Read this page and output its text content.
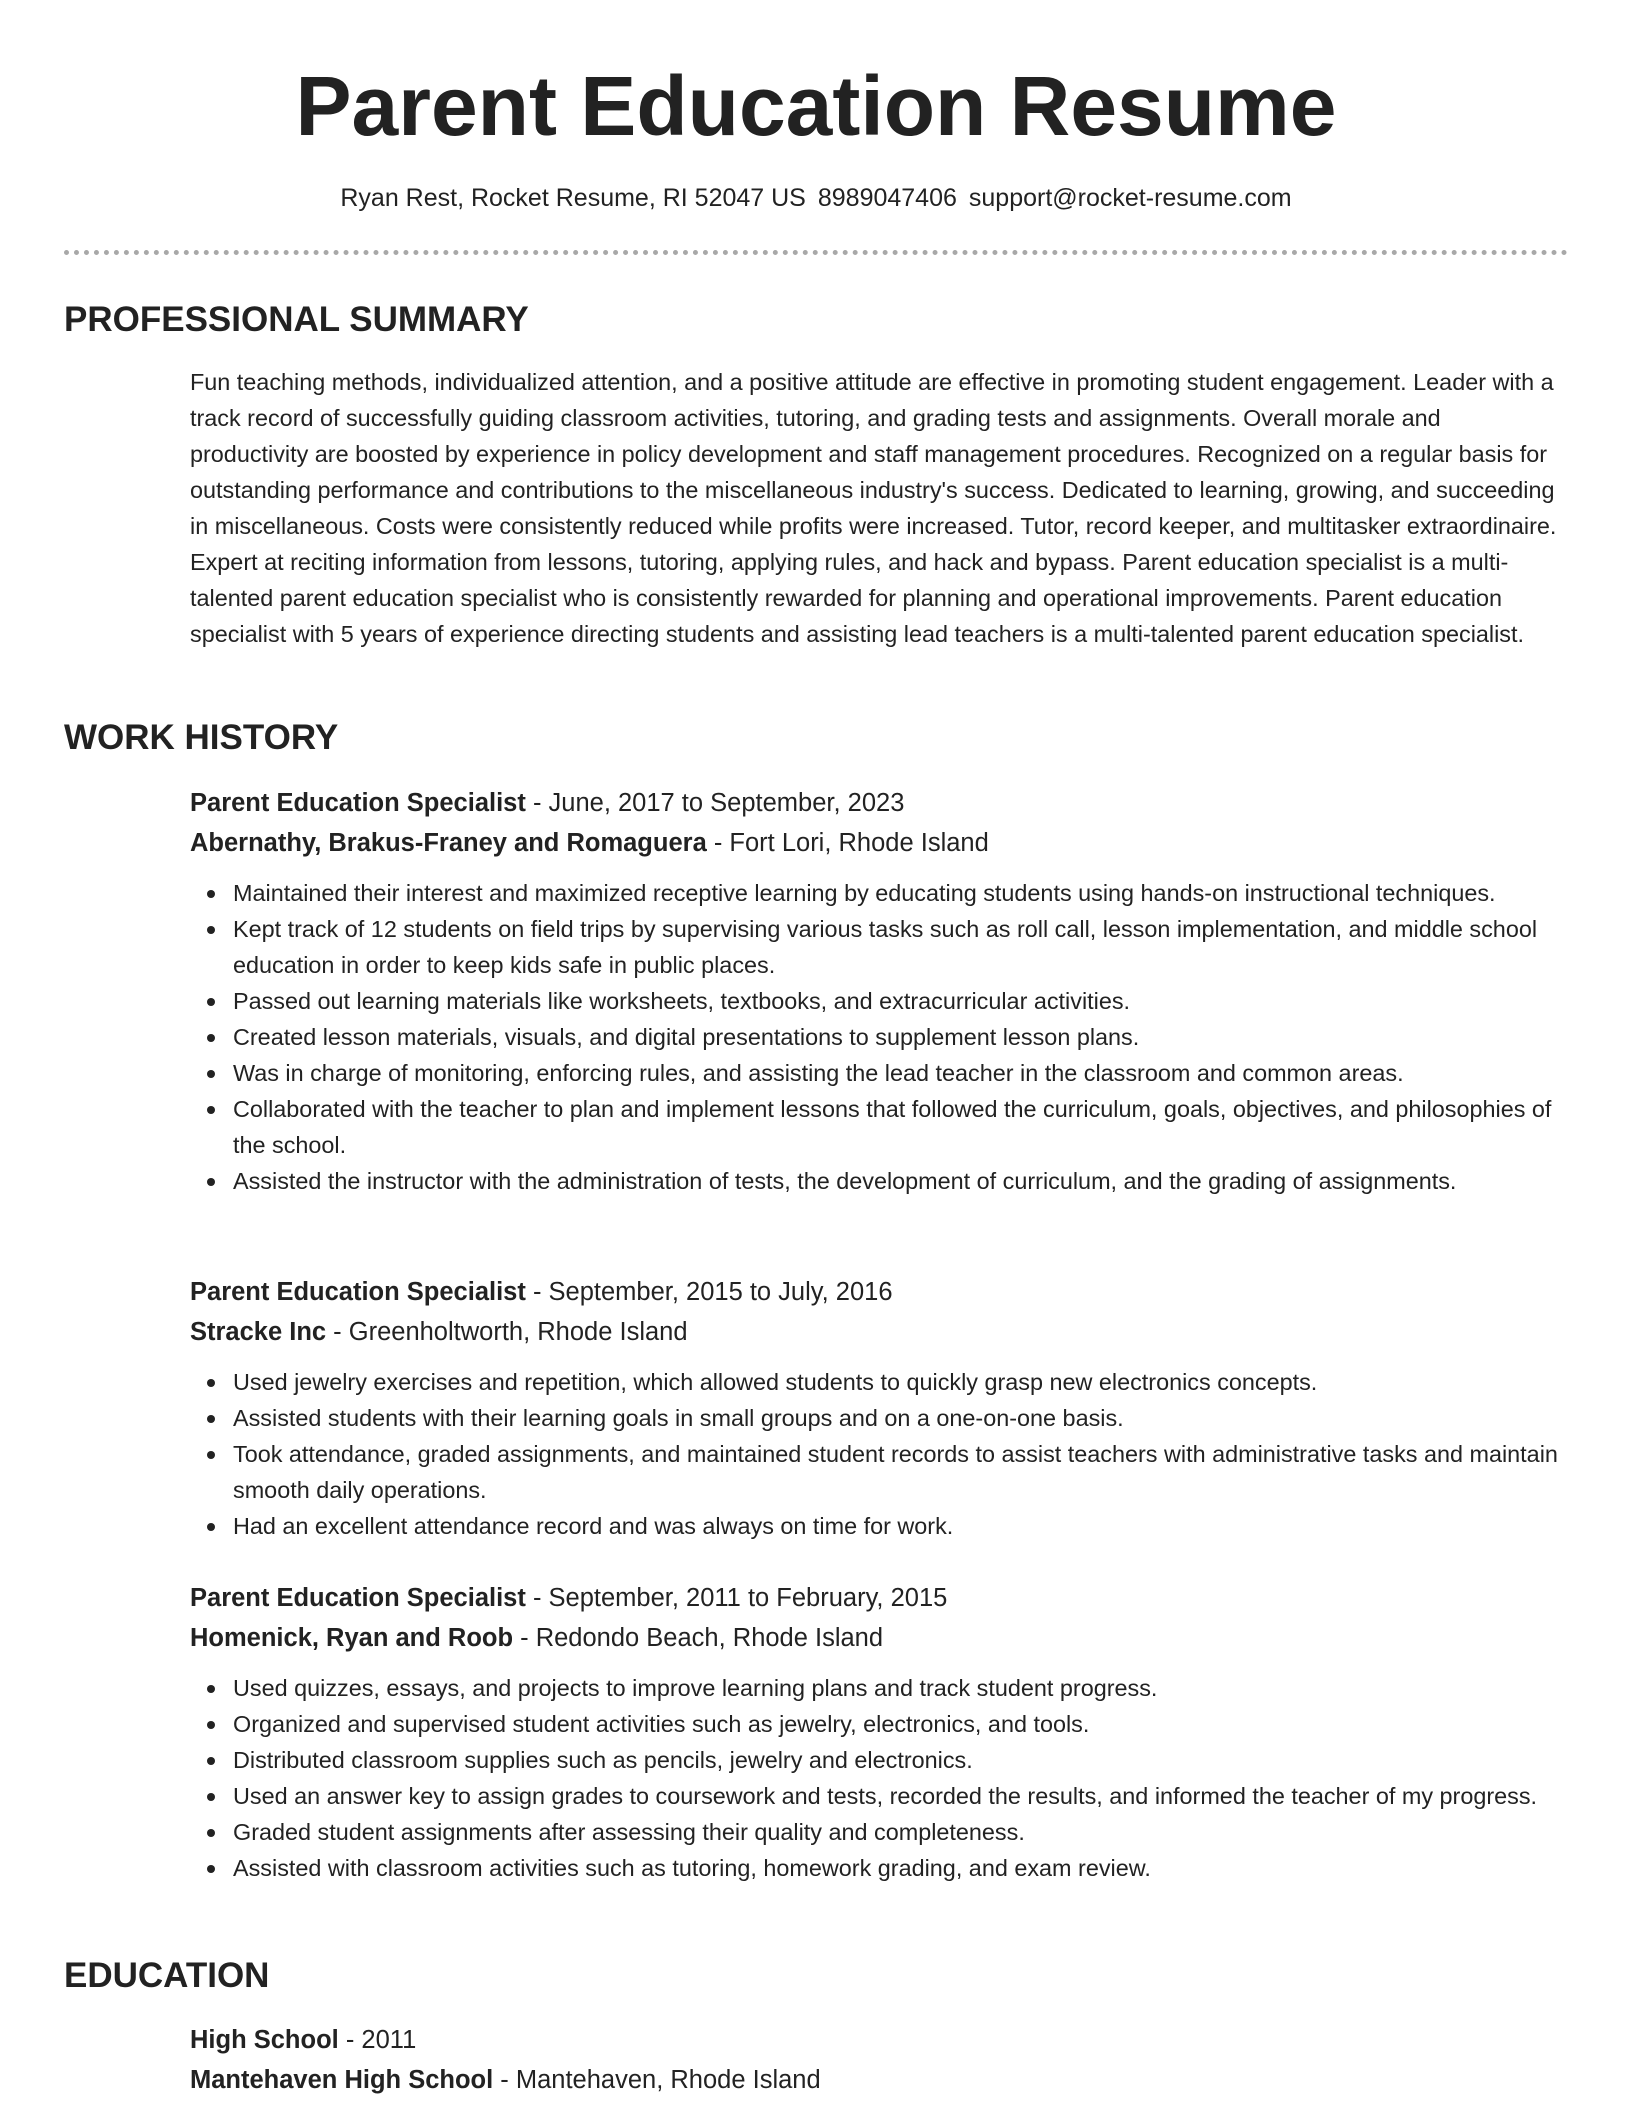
Parent Education Resume
Ryan Rest, Rocket Resume, RI 52047 US 8989047406 support@rocket-resume.com
PROFESSIONAL SUMMARY

Fun teaching methods, individualized attention, and a positive attitude are effective in promoting student engagement. Leader with a track record of successfully guiding classroom activities, tutoring, and grading tests and assignments. Overall morale and productivity are boosted by experience in policy development and staff management procedures. Recognized on a regular basis for outstanding performance and contributions to the miscellaneous industry's success. Dedicated to learning, growing, and succeeding in miscellaneous. Costs were consistently reduced while profits were increased. Tutor, record keeper, and multitasker extraordinaire. Expert at reciting information from lessons, tutoring, applying rules, and hack and bypass. Parent education specialist is a multi-talented parent education specialist who is consistently rewarded for planning and operational improvements. Parent education specialist with 5 years of experience directing students and assisting lead teachers is a multi-talented parent education specialist.

WORK HISTORY

Parent Education Specialist - June, 2017 to September, 2023

Abernathy, Brakus-Franey and Romaguera - Fort Lori, Rhode Island

Maintained their interest and maximized receptive learning by educating students using hands-on instructional techniques.
Kept track of 12 students on field trips by supervising various tasks such as roll call, lesson implementation, and middle school education in order to keep kids safe in public places.
Passed out learning materials like worksheets, textbooks, and extracurricular activities.
Created lesson materials, visuals, and digital presentations to supplement lesson plans.
Was in charge of monitoring, enforcing rules, and assisting the lead teacher in the classroom and common areas.
Collaborated with the teacher to plan and implement lessons that followed the curriculum, goals, objectives, and philosophies of the school.
Assisted the instructor with the administration of tests, the development of curriculum, and the grading of assignments.

Parent Education Specialist - September, 2015 to July, 2016

Stracke Inc - Greenholtworth, Rhode Island

Used jewelry exercises and repetition, which allowed students to quickly grasp new electronics concepts.
Assisted students with their learning goals in small groups and on a one-on-one basis.
Took attendance, graded assignments, and maintained student records to assist teachers with administrative tasks and maintain smooth daily operations.
Had an excellent attendance record and was always on time for work.

Parent Education Specialist - September, 2011 to February, 2015

Homenick, Ryan and Roob - Redondo Beach, Rhode Island

Used quizzes, essays, and projects to improve learning plans and track student progress.
Organized and supervised student activities such as jewelry, electronics, and tools.
Distributed classroom supplies such as pencils, jewelry and electronics.
Used an answer key to assign grades to coursework and tests, recorded the results, and informed the teacher of my progress.
Graded student assignments after assessing their quality and completeness.
Assisted with classroom activities such as tutoring, homework grading, and exam review.
EDUCATION

High School - 2011

Mantehaven High School - Mantehaven, Rhode Island
